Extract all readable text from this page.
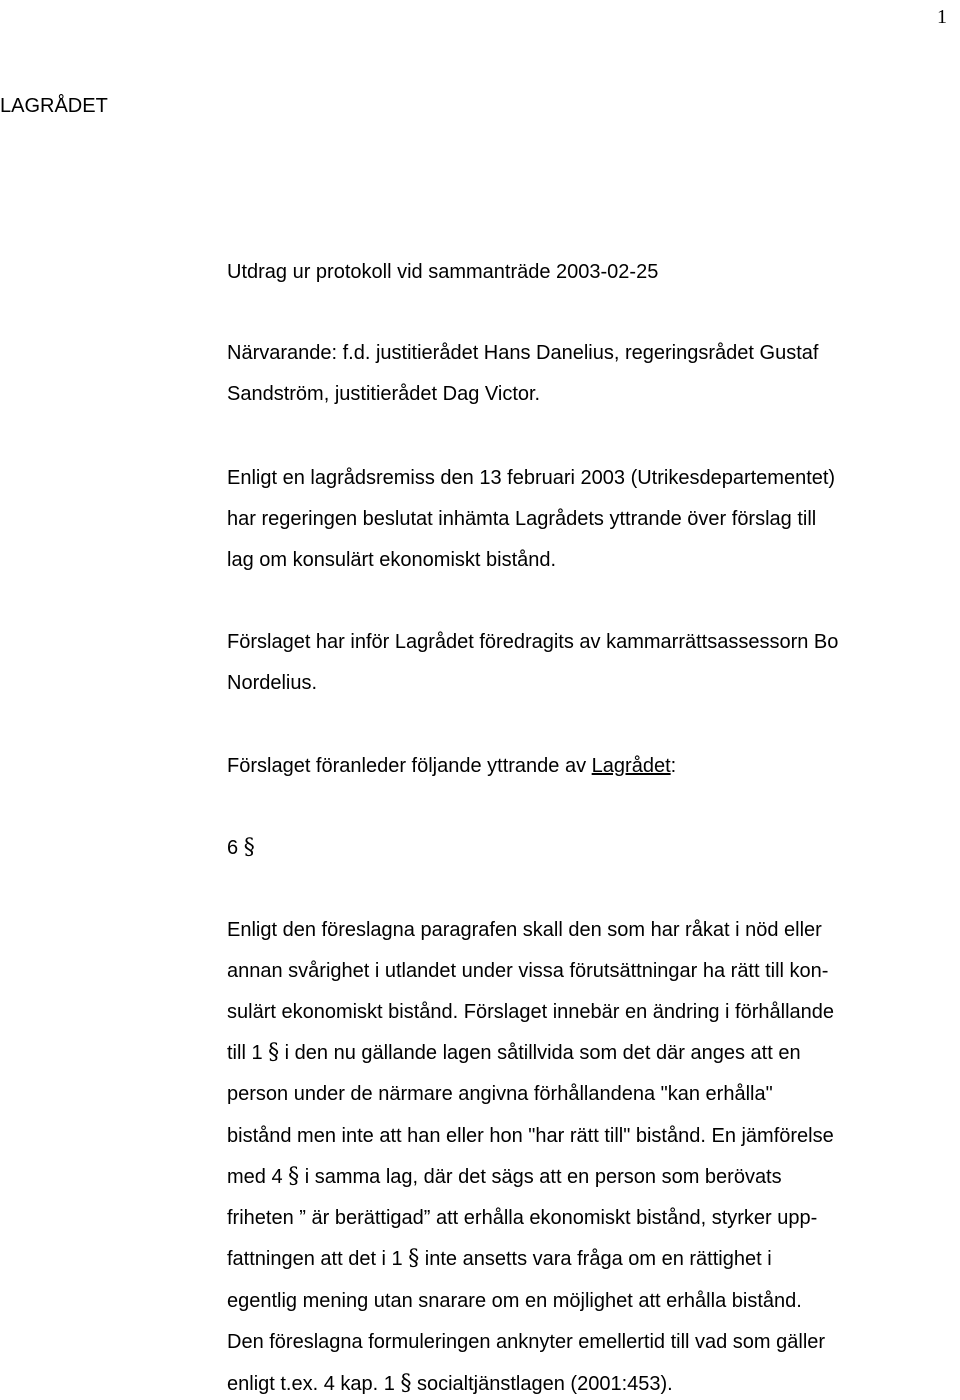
1
LAGRÅDET
Utdrag ur protokoll vid sammanträde 2003-02-25
Närvarande: f.d. justitierådet Hans Danelius, regeringsrådet Gustaf
Sandström, justitierådet Dag Victor.
Enligt en lagrådsremiss den 13 februari 2003 (Utrikesdepartementet)
har regeringen beslutat inhämta Lagrådets yttrande över förslag till
lag om konsulärt ekonomiskt bistånd.
Förslaget har inför Lagrådet föredragits av kammarrättsassessorn Bo
Nordelius.
Förslaget föranleder följande yttrande av Lagrådet:
6 §
Enligt den föreslagna paragrafen skall den som har råkat i nöd eller
annan svårighet i utlandet under vissa förutsättningar ha rätt till kon-
sulärt ekonomiskt bistånd. Förslaget innebär en ändring i förhållande
till 1 § i den nu gällande lagen såtillvida som det där anges att en
person under de närmare angivna förhållandena "kan erhålla"
bistånd men inte att han eller hon "har rätt till" bistånd. En jämförelse
med 4 § i samma lag, där det sägs att en person som berövats
friheten ” är berättigad” att erhålla ekonomiskt bistånd, styrker upp-
fattningen att det i 1 § inte ansetts vara fråga om en rättighet i
egentlig mening utan snarare om en möjlighet att erhålla bistånd.
Den föreslagna formuleringen anknyter emellertid till vad som gäller
enligt t.ex. 4 kap. 1 § socialtjänstlagen (2001:453).
